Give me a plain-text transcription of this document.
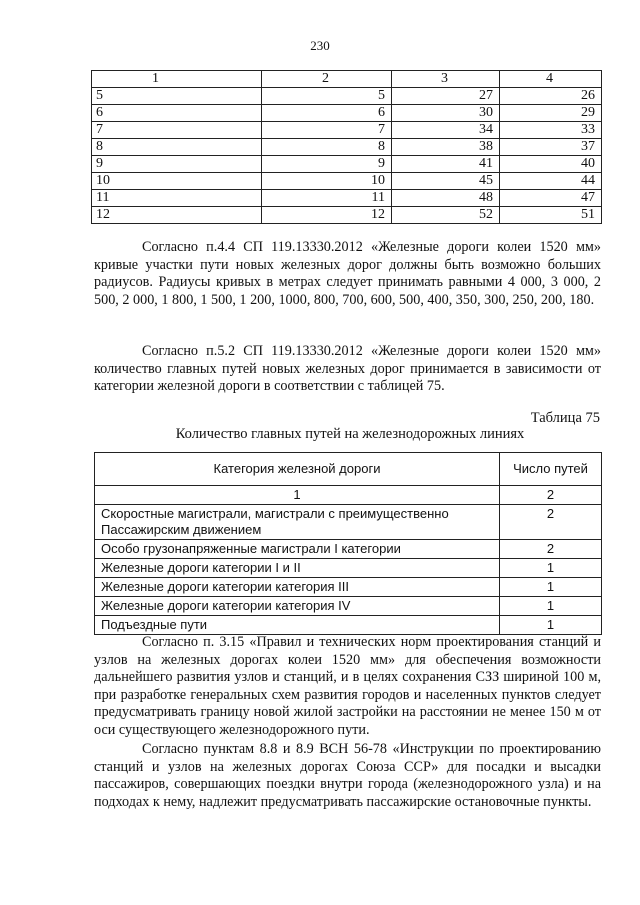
230
1	2	3	4
5	5	27	26
6	6	30	29
7	7	34	33
8	8	38	37
9	9	41	40
10	10	45	44
11	11	48	47
12	12	52	51

Согласно п.4.4 СП 119.13330.2012 «Железные дороги колеи 1520 мм» кривые участки пути новых железных дорог должны быть возможно больших радиусов. Радиусы кривых в метрах следует принимать равными 4 000, 3 000, 2 500, 2 000, 1 800, 1 500, 1 200, 1000, 800, 700, 600, 500, 400, 350, 300, 250, 200, 180.

Согласно п.5.2 СП 119.13330.2012 «Железные дороги колеи 1520 мм» количество главных путей новых железных дорог принимается в зависимости от категории железной дороги в соответствии с таблицей 75.

Таблица 75
Количество главных путей на железнодорожных линиях
Категория железной дороги	Число путей
1	2
Скоростные магистрали, магистрали с преимущественно Пассажирским движением	2
Особо грузонапряженные магистрали I категории	2
Железные дороги категории I и II	1
Железные дороги категории категория III	1
Железные дороги категории категория IV	1
Подъездные пути	1

Согласно п. 3.15 «Правил и технических норм проектирования станций и узлов на железных дорогах колеи 1520 мм» для обеспечения возможности дальнейшего развития узлов и станций, и в целях сохранения СЗЗ шириной 100 м, при разработке генеральных схем развития городов и населенных пунктов следует предусматривать границу новой жилой застройки на расстоянии не менее 150 м от оси существующего железнодорожного пути.

Согласно пунктам 8.8 и 8.9 ВСН 56-78 «Инструкции по проектированию станций и узлов на железных дорогах Союза ССР» для посадки и высадки пассажиров, совершающих поездки внутри города (железнодорожного узла) и на подходах к нему, надлежит предусматривать пассажирские остановочные пункты.
